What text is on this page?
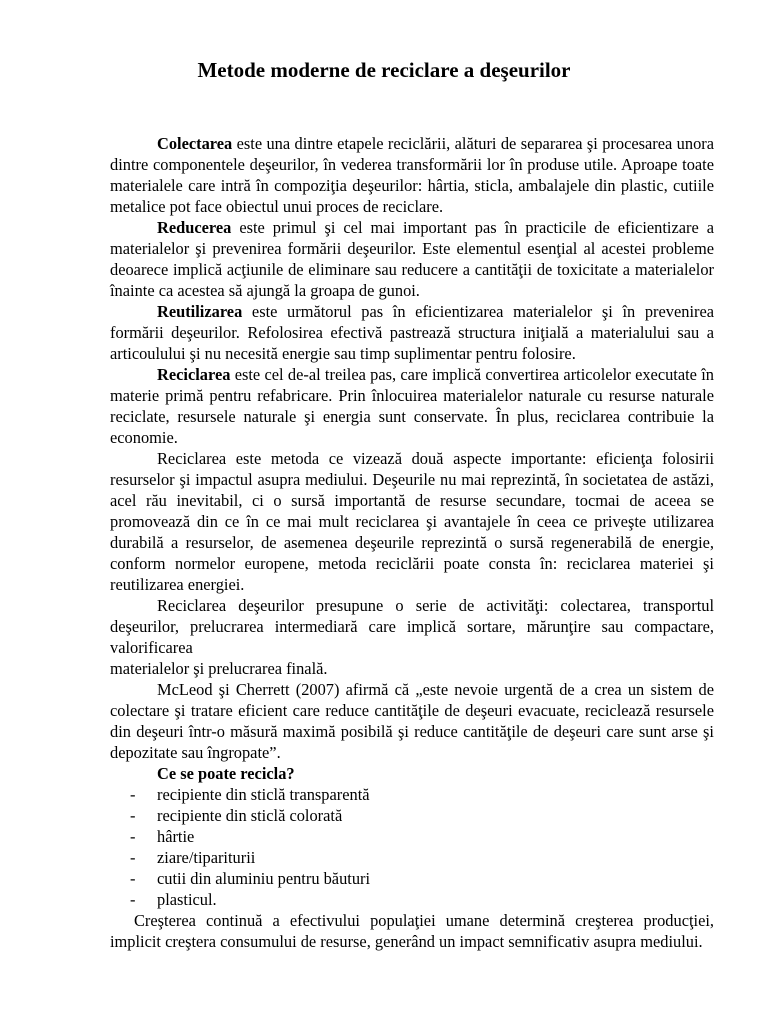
Metode moderne de reciclare a deşeurilor

Colectarea este una dintre etapele reciclării, alături de separarea şi procesarea unora dintre componentele deşeurilor, în vederea transformării lor în produse utile. Aproape toate materialele care intră în compoziţia deşeurilor: hârtia, sticla, ambalajele din plastic, cutiile metalice pot face obiectul unui proces de reciclare.

Reducerea este primul şi cel mai important pas în practicile de eficientizare a materialelor şi prevenirea formării deşeurilor. Este elementul esenţial al acestei probleme deoarece implică acţiunile de eliminare sau reducere a cantităţii de toxicitate a materialelor înainte ca acestea să ajungă la groapa de gunoi.

Reutilizarea este următorul pas în eficientizarea materialelor şi în prevenirea formării deşeurilor. Refolosirea efectivă pastrează structura iniţială a materialului sau a articoulului şi nu necesită energie sau timp suplimentar pentru folosire.

Reciclarea este cel de-al treilea pas, care implică convertirea articolelor executate în materie primă pentru refabricare. Prin înlocuirea materialelor naturale cu resurse naturale reciclate, resursele naturale şi energia sunt conservate. În plus, reciclarea contribuie la economie.

Reciclarea este metoda ce vizează două aspecte importante: eficienţa folosirii resurselor şi impactul asupra mediului. Deşeurile nu mai reprezintă, în societatea de astăzi, acel rău inevitabil, ci o sursă importantă de resurse secundare, tocmai de aceea se promovează din ce în ce mai mult reciclarea şi avantajele în ceea ce priveşte utilizarea durabilă a resurselor, de asemenea deşeurile reprezintă o sursă regenerabilă de energie, conform normelor europene, metoda reciclării poate consta în: reciclarea materiei şi reutilizarea energiei.

Reciclarea deşeurilor presupune o serie de activităţi: colectarea, transportul deşeurilor, prelucrarea intermediară care implică sortare, mărunţire sau compactare, valorificarea

materialelor şi prelucrarea finală.

McLeod şi Cherrett (2007) afirmă că „este nevoie urgentă de a crea un sistem de colectare şi tratare eficient care reduce cantităţile de deşeuri evacuate, reciclează resursele din deşeuri într-o măsură maximă posibilă şi reduce cantităţile de deşeuri care sunt arse şi depozitate sau îngropate”.

Ce se poate recicla?

- recipiente din sticlă transparentă
- recipiente din sticlă colorată
- hârtie
- ziare/tipariturii
- cutii din aluminiu pentru băuturi
- plasticul.

Creşterea continuă a efectivului populaţiei umane determină creşterea producţiei, implicit creştera consumului de resurse, generând un impact semnificativ asupra mediului.
